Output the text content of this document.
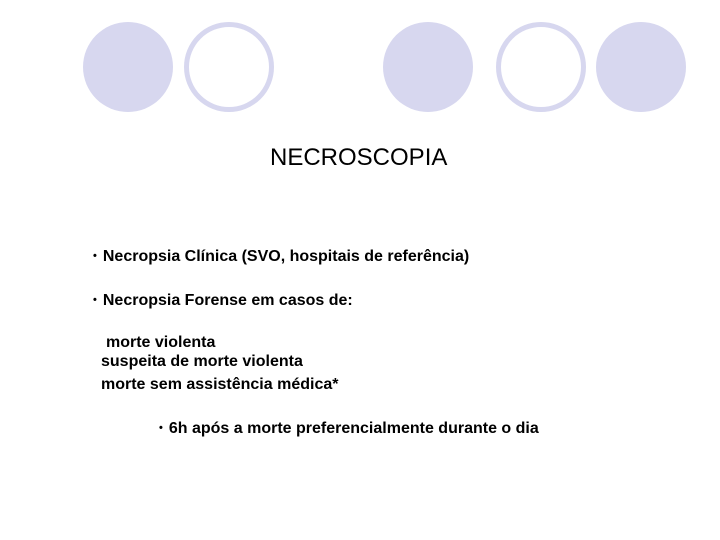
NECROSCOPIA
• Necropsia Clínica (SVO, hospitais de referência)
• Necropsia Forense em casos de:
morte violenta
suspeita de morte violenta
morte sem assistência médica*
• 6h após a morte preferencialmente durante o dia
